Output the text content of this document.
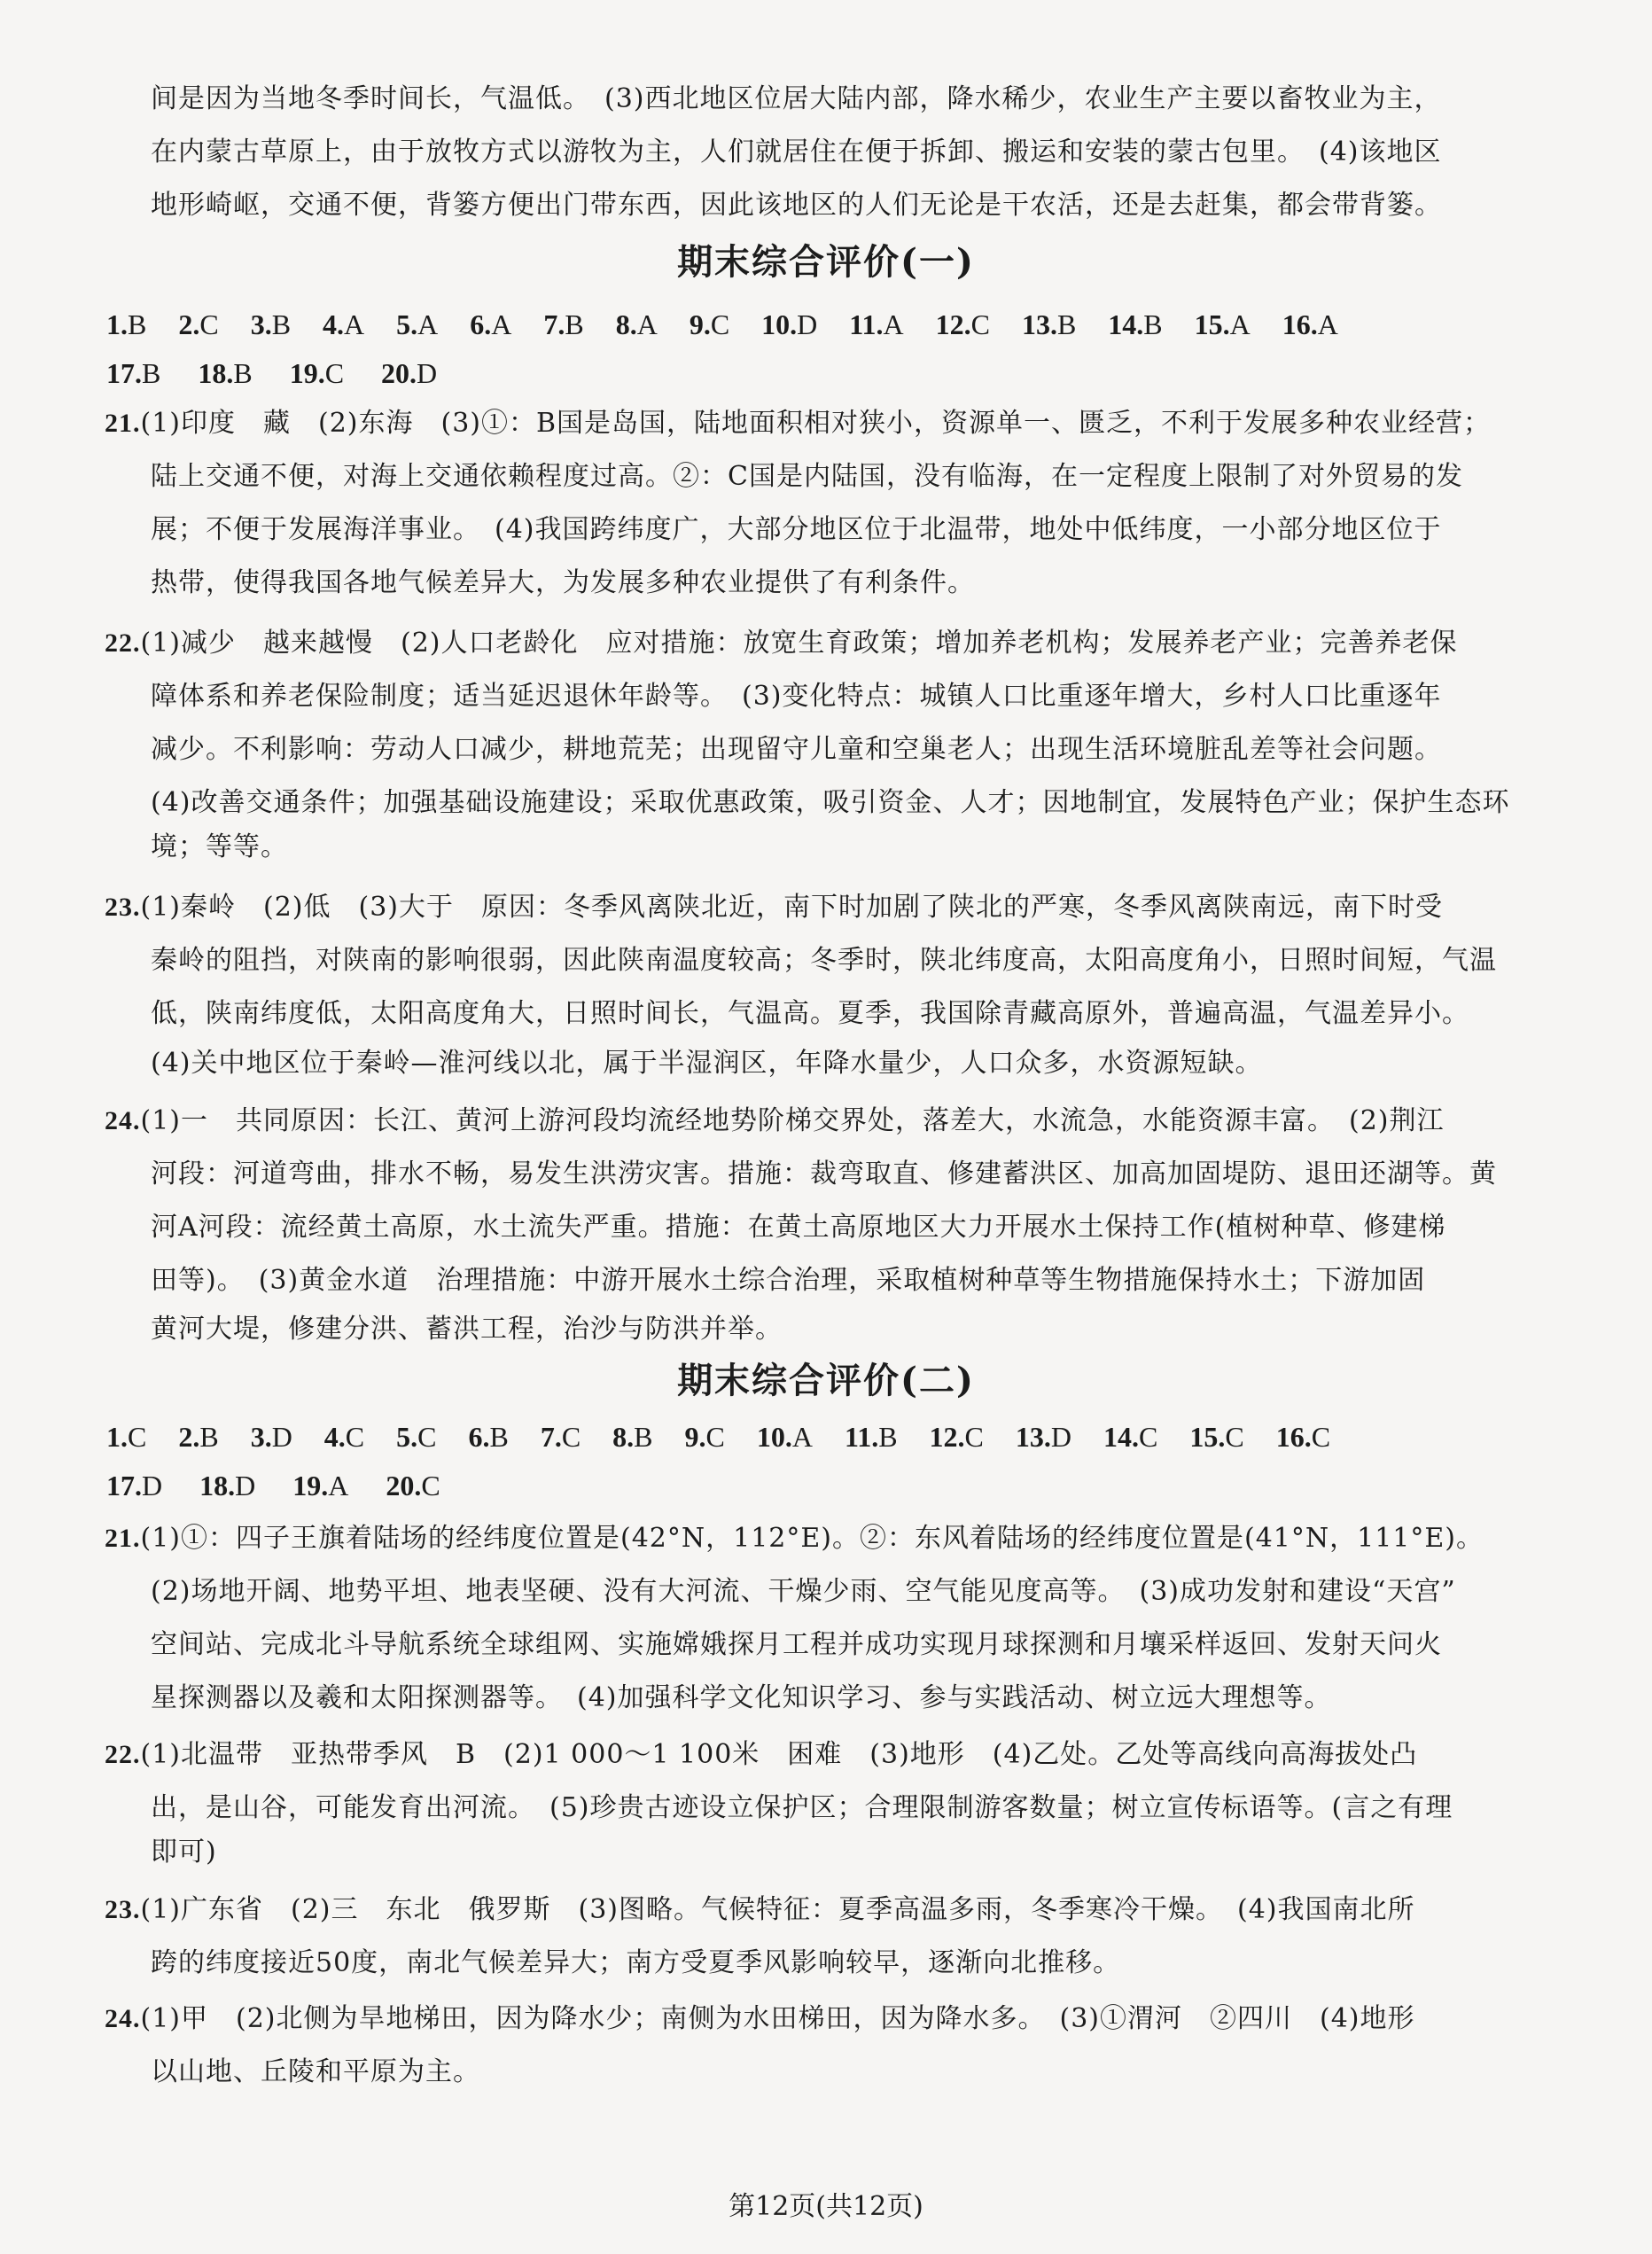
间是因为当地冬季时间长，气温低。　(3)西北地区位居大陆内部，降水稀少，农业生产主要以畜牧业为主，
在内蒙古草原上，由于放牧方式以游牧为主，人们就居住在便于拆卸、搬运和安装的蒙古包里。　(4)该地区
地形崎岖，交通不便，背篓方便出门带东西，因此该地区的人们无论是干农活，还是去赶集，都会带背篓。
期末综合评价(一)
1.B 2.C 3.B 4.A 5.A 6.A 7.B 8.A 9.C 10.D 11.A 12.C 13.B 14.B 15.A 16.A
17.B 18.B 19.C 20.D
21.(1)印度　藏　(2)东海　(3)①：B国是岛国，陆地面积相对狭小，资源单一、匮乏，不利于发展多种农业经营；
陆上交通不便，对海上交通依赖程度过高。②：C国是内陆国，没有临海，在一定程度上限制了对外贸易的发
展；不便于发展海洋事业。　(4)我国跨纬度广，大部分地区位于北温带，地处中低纬度，一小部分地区位于
热带，使得我国各地气候差异大，为发展多种农业提供了有利条件。
22.(1)减少　越来越慢　(2)人口老龄化　应对措施：放宽生育政策；增加养老机构；发展养老产业；完善养老保
障体系和养老保险制度；适当延迟退休年龄等。　(3)变化特点：城镇人口比重逐年增大，乡村人口比重逐年
减少。不利影响：劳动人口减少，耕地荒芜；出现留守儿童和空巢老人；出现生活环境脏乱差等社会问题。
(4)改善交通条件；加强基础设施建设；采取优惠政策，吸引资金、人才；因地制宜，发展特色产业；保护生态环
境；等等。
23.(1)秦岭　(2)低　(3)大于　原因：冬季风离陕北近，南下时加剧了陕北的严寒，冬季风离陕南远，南下时受
秦岭的阻挡，对陕南的影响很弱，因此陕南温度较高；冬季时，陕北纬度高，太阳高度角小，日照时间短，气温
低，陕南纬度低，太阳高度角大，日照时间长，气温高。夏季，我国除青藏高原外，普遍高温，气温差异小。
(4)关中地区位于秦岭—淮河线以北，属于半湿润区，年降水量少，人口众多，水资源短缺。
24.(1)一　共同原因：长江、黄河上游河段均流经地势阶梯交界处，落差大，水流急，水能资源丰富。　(2)荆江
河段：河道弯曲，排水不畅，易发生洪涝灾害。措施：裁弯取直、修建蓄洪区、加高加固堤防、退田还湖等。黄
河A河段：流经黄土高原，水土流失严重。措施：在黄土高原地区大力开展水土保持工作(植树种草、修建梯
田等)。　(3)黄金水道　治理措施：中游开展水土综合治理，采取植树种草等生物措施保持水土；下游加固
黄河大堤，修建分洪、蓄洪工程，治沙与防洪并举。
期末综合评价(二)
1.C 2.B 3.D 4.C 5.C 6.B 7.C 8.B 9.C 10.A 11.B 12.C 13.D 14.C 15.C 16.C
17.D 18.D 19.A 20.C
21.(1)①：四子王旗着陆场的经纬度位置是(42°N，112°E)。②：东风着陆场的经纬度位置是(41°N，111°E)。
(2)场地开阔、地势平坦、地表坚硬、没有大河流、干燥少雨、空气能见度高等。　(3)成功发射和建设“天宫”
空间站、完成北斗导航系统全球组网、实施嫦娥探月工程并成功实现月球探测和月壤采样返回、发射天问火
星探测器以及羲和太阳探测器等。　(4)加强科学文化知识学习、参与实践活动、树立远大理想等。
22.(1)北温带　亚热带季风　B　(2)1 000～1 100米　困难　(3)地形　(4)乙处。乙处等高线向高海拔处凸
出，是山谷，可能发育出河流。　(5)珍贵古迹设立保护区；合理限制游客数量；树立宣传标语等。(言之有理
即可)
23.(1)广东省　(2)三　东北　俄罗斯　(3)图略。气候特征：夏季高温多雨，冬季寒冷干燥。　(4)我国南北所
跨的纬度接近50度，南北气候差异大；南方受夏季风影响较早，逐渐向北推移。
24.(1)甲　(2)北侧为旱地梯田，因为降水少；南侧为水田梯田，因为降水多。　(3)①渭河　②四川　(4)地形
以山地、丘陵和平原为主。
第12页(共12页)
